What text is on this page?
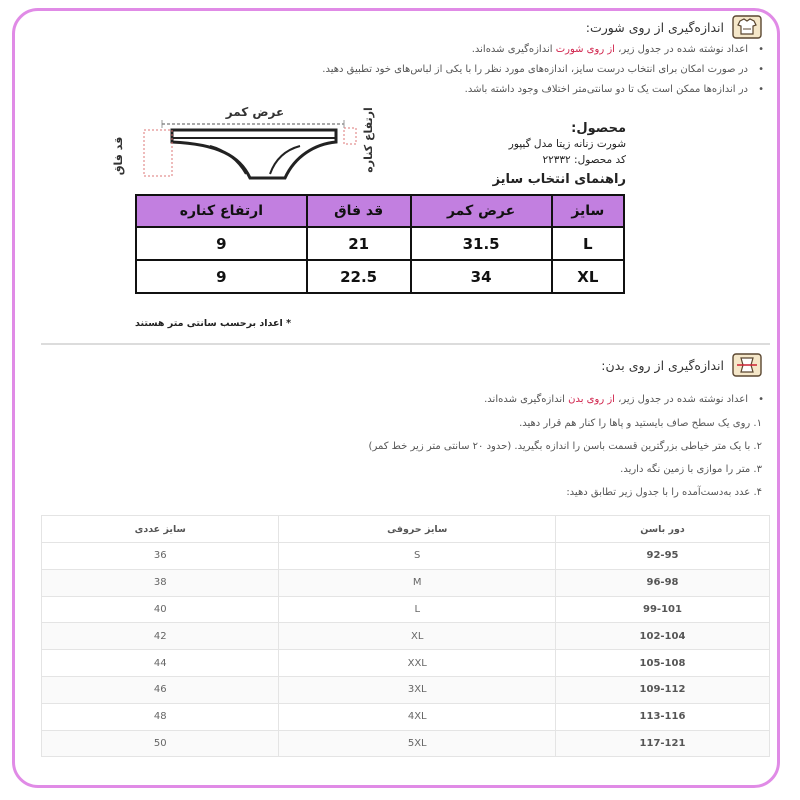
اندازه‌گیری از روی شورت:
• اعداد نوشته شده در جدول زیر، از روی شورت اندازه‌گیری شده‌اند.
• در صورت امکان برای انتخاب درست سایز، اندازه‌های مورد نظر را با یکی از لباس‌های خود تطبیق دهید.
• در اندازه‌ها ممکن است یک تا دو سانتی‌متر اختلاف وجود داشته باشد.
عرض کمر
قد فاق	ارتفاع کناره	محصول:
شورت زنانه زیتا مدل گیپور
کد محصول: ۲۲۳۳۲
راهنمای انتخاب سایز
سایز	عرض کمر	قد فاق	ارتفاع کناره
L	31.5	21	9
XL	34	22.5	9
* اعداد برحسب سانتی متر هستند
اندازه‌گیری از روی بدن:
• اعداد نوشته شده در جدول زیر، از روی بدن اندازه‌گیری شده‌اند.
۱. روی یک سطح صاف بایستید و پاها را کنار هم قرار دهید.
۲. با یک متر خیاطی بزرگترین قسمت باسن را اندازه بگیرید. (حدود ۲۰ سانتی متر زیر خط کمر)
۳. متر را موازی با زمین نگه دارید.
۴. عدد به‌دست‌آمده را با جدول زیر تطابق دهید:
دور باسن	سایز حروفی	سایز عددی
92-95	S	36
96-98	M	38
99-101	L	40
102-104	XL	42
105-108	XXL	44
109-112	3XL	46
113-116	4XL	48
117-121	5XL	50
